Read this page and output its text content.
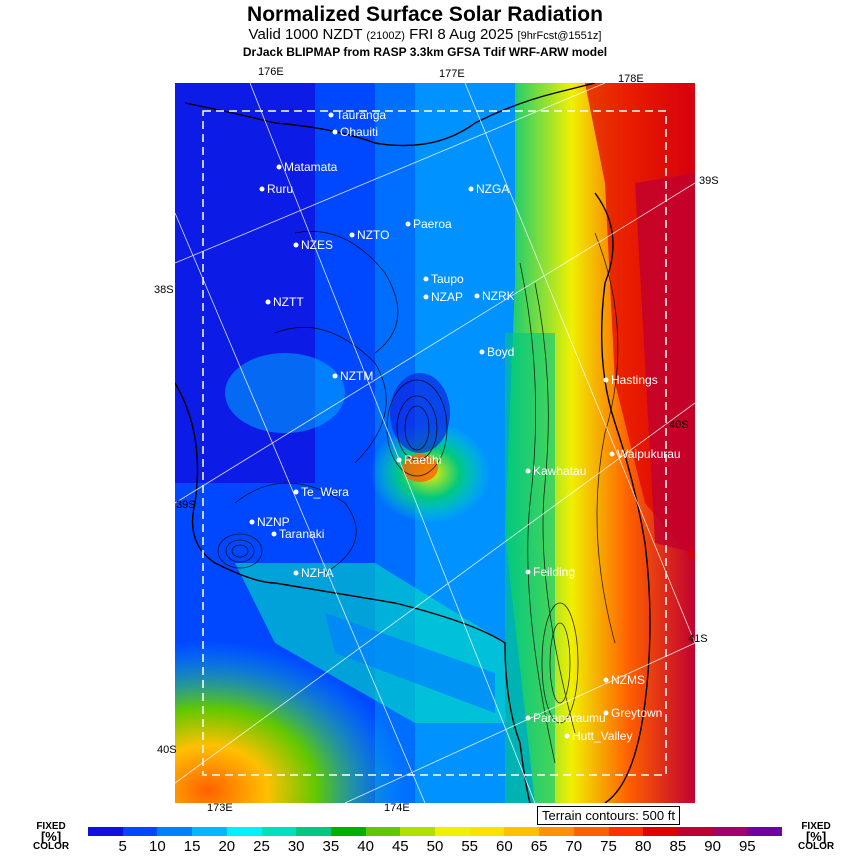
Normalized Surface Solar Radiation
Valid 1000 NZDT (2100Z) FRI 8 Aug 2025 [9hrFcst@1551z]
DrJack BLIPMAP from RASP 3.3km GFSA Tdif WRF-ARW model
Tauranga
Ohauiti
Matamata
Ruru	NZGA
Paeroa
NZES
NZTO
Taupo
NZAP NZRK
NZTT
Boyd
NZTM	Hastings
Raetihi	Waipukurau
Kawhatau
Te_Wera
NZNP
Taranaki
NZHA	Feilding
NZMS
Greytown
Paraparaumu
Hutt_Valley
176E	177E	178E
173E	174E
38S
39S
40S
39S
40S
41S
Terrain contours: 500 ft
FIXED
[%]
COLOR
FIXED
[%]
COLOR
5 10 15 20 25 30 35 40 45 50 55 60 65 70 75 80 85 90 95
